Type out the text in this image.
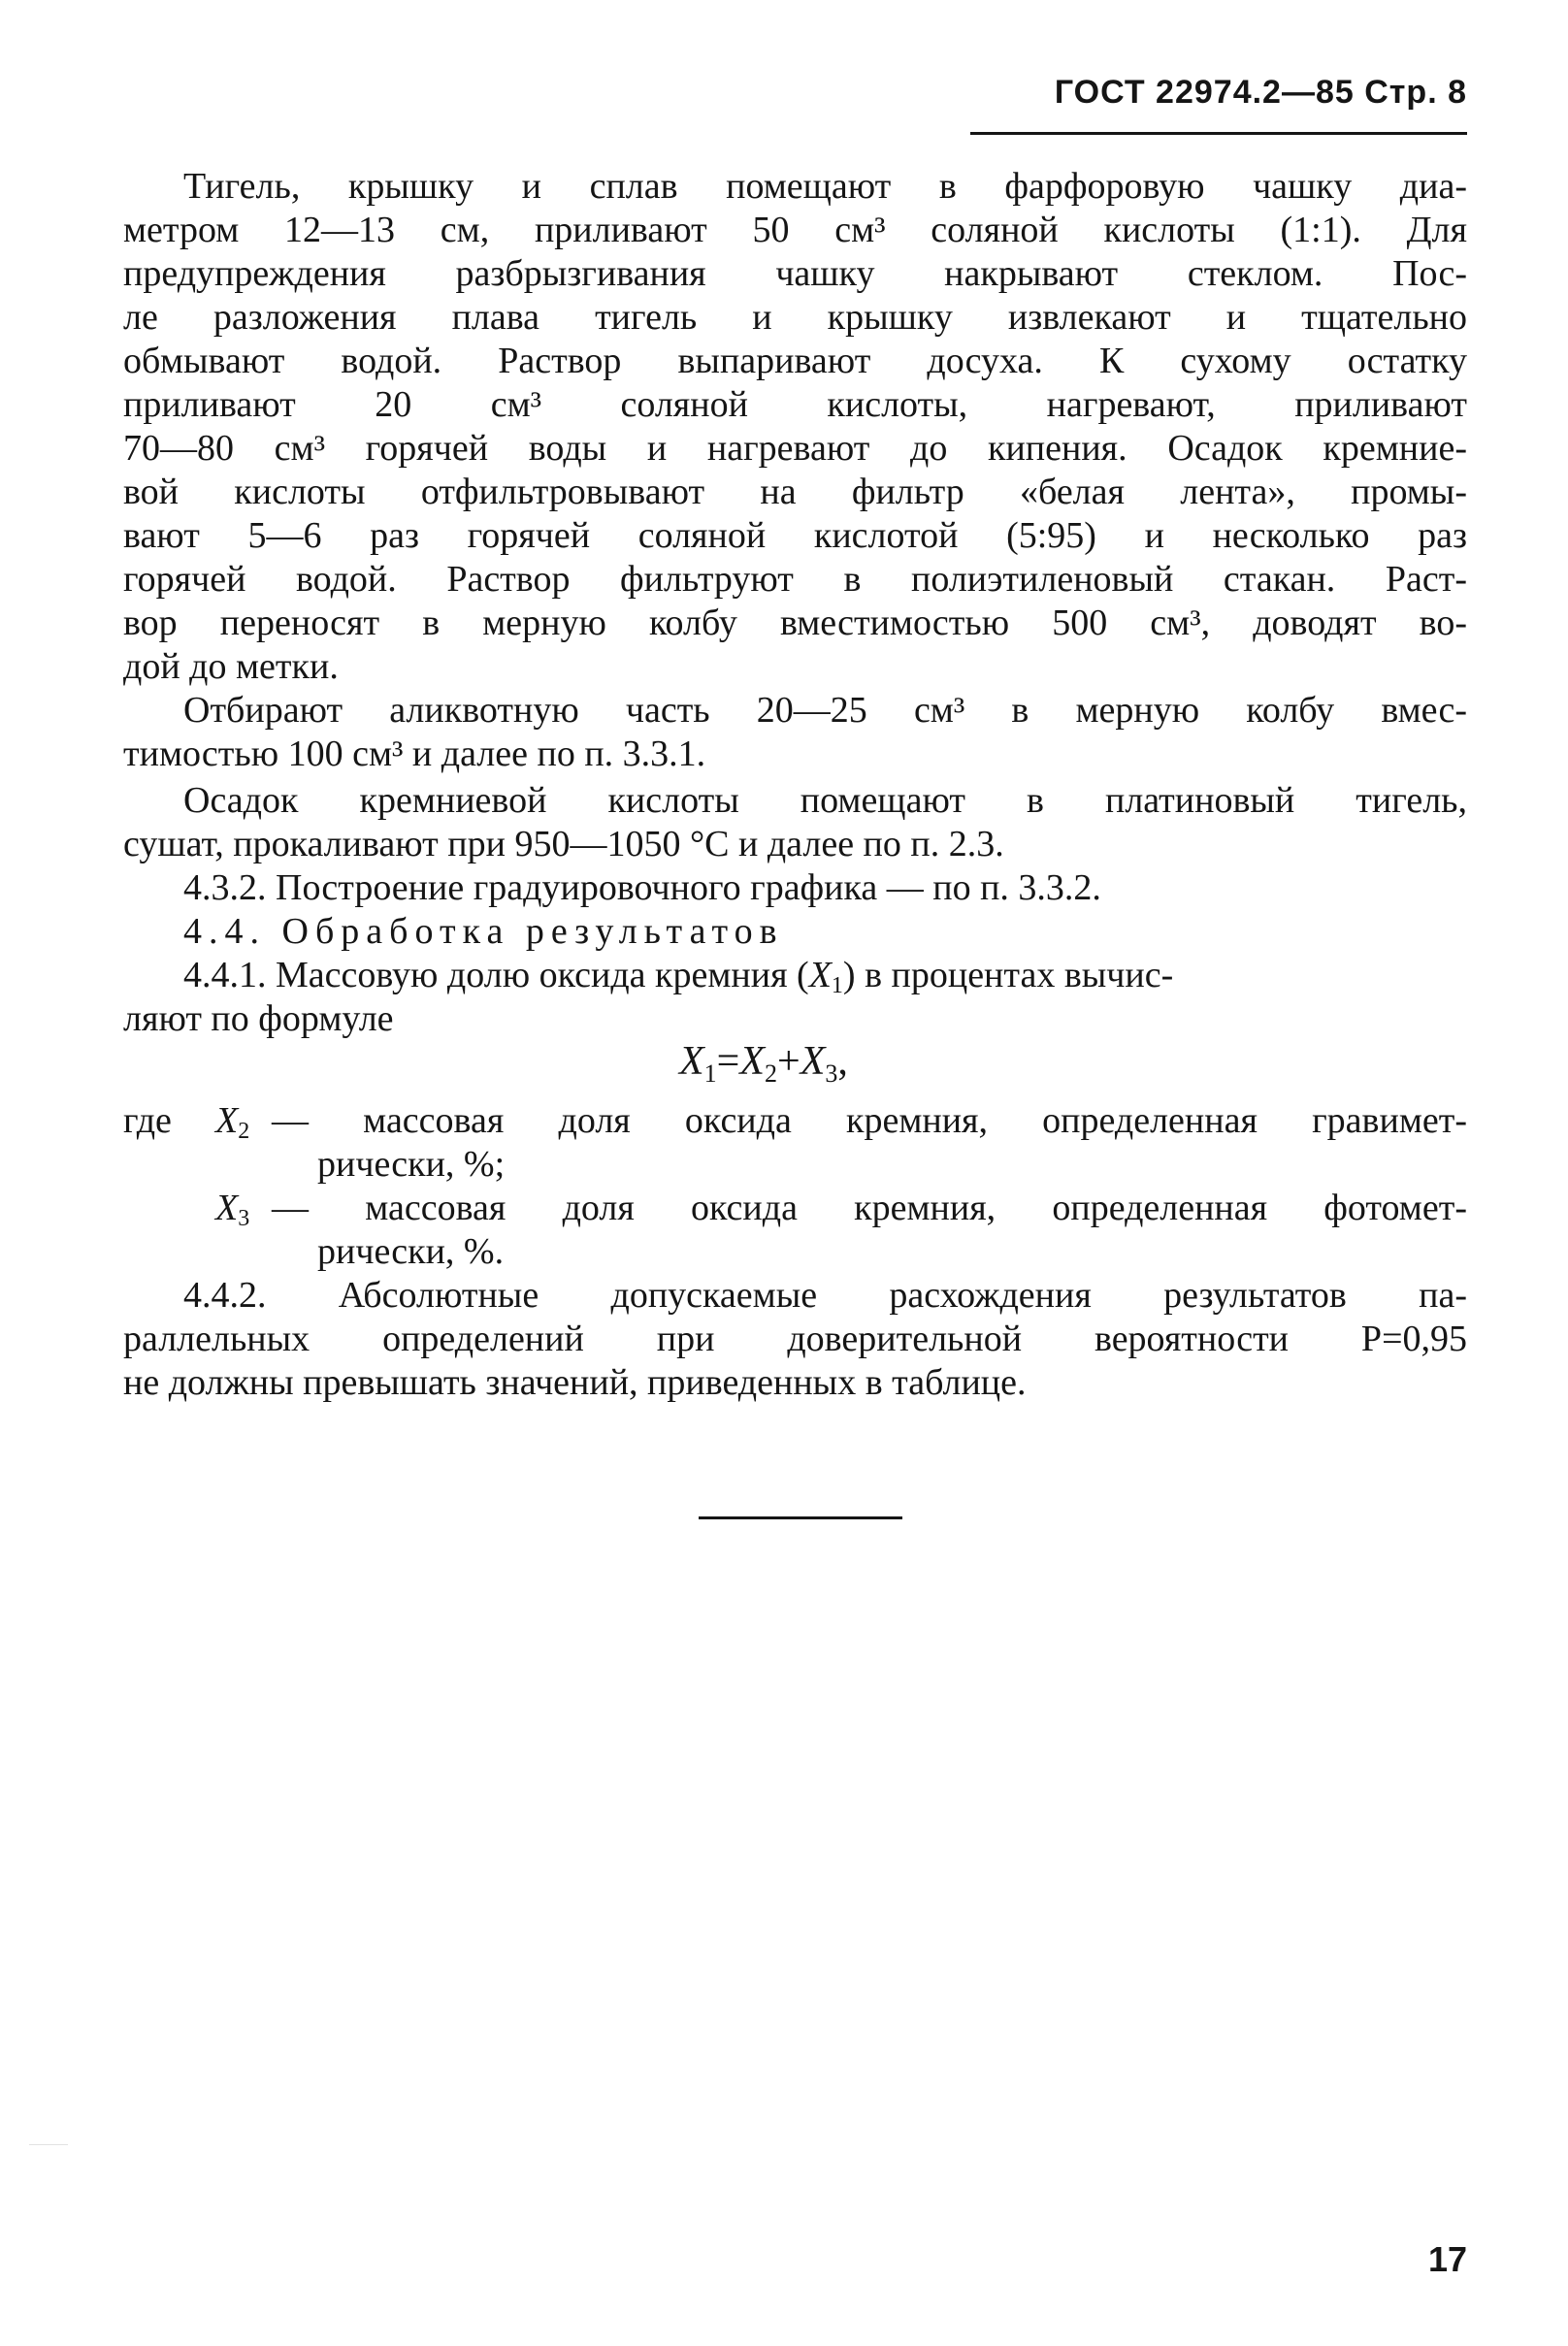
ГОСТ 22974.2—85 Стр. 8
Тигель, крышку и сплав помещают в фарфоровую чашку диа-
метром 12—13 см, приливают 50 см³ соляной кислоты (1:1). Для
предупреждения разбрызгивания чашку накрывают стеклом. Пос-
ле разложения плава тигель и крышку извлекают и тщательно
обмывают водой. Раствор выпаривают досуха. К сухому остатку
приливают 20 см³ соляной кислоты, нагревают, приливают
70—80 см³ горячей воды и нагревают до кипения. Осадок кремние-
вой кислоты отфильтровывают на фильтр «белая лента», промы-
вают 5—6 раз горячей соляной кислотой (5:95) и несколько раз
горячей водой. Раствор фильтруют в полиэтиленовый стакан. Раст-
вор переносят в мерную колбу вместимостью 500 см³, доводят во-
дой до метки.
Отбирают аликвотную часть 20—25 см³ в мерную колбу вмес-
тимостью 100 см³ и далее по п. 3.3.1.
Осадок кремниевой кислоты помещают в платиновый тигель,
сушат, прокаливают при 950—1050 °С и далее по п. 2.3.
4.3.2. Построение градуировочного графика — по п. 3.3.2.
4.4. Обработка результатов
4.4.1. Массовую долю оксида кремния (X1) в процентах вычис-
ляют по формуле
$X_1=X_2+X_3$,
где X2 — массовая доля оксида кремния, определенная гравимет-
рически, %;
X3 — массовая доля оксида кремния, определенная фотомет-
рически, %.
4.4.2. Абсолютные допускаемые расхождения результатов па-
раллельных определений при доверительной вероятности P=0,95
не должны превышать значений, приведенных в таблице.
17
